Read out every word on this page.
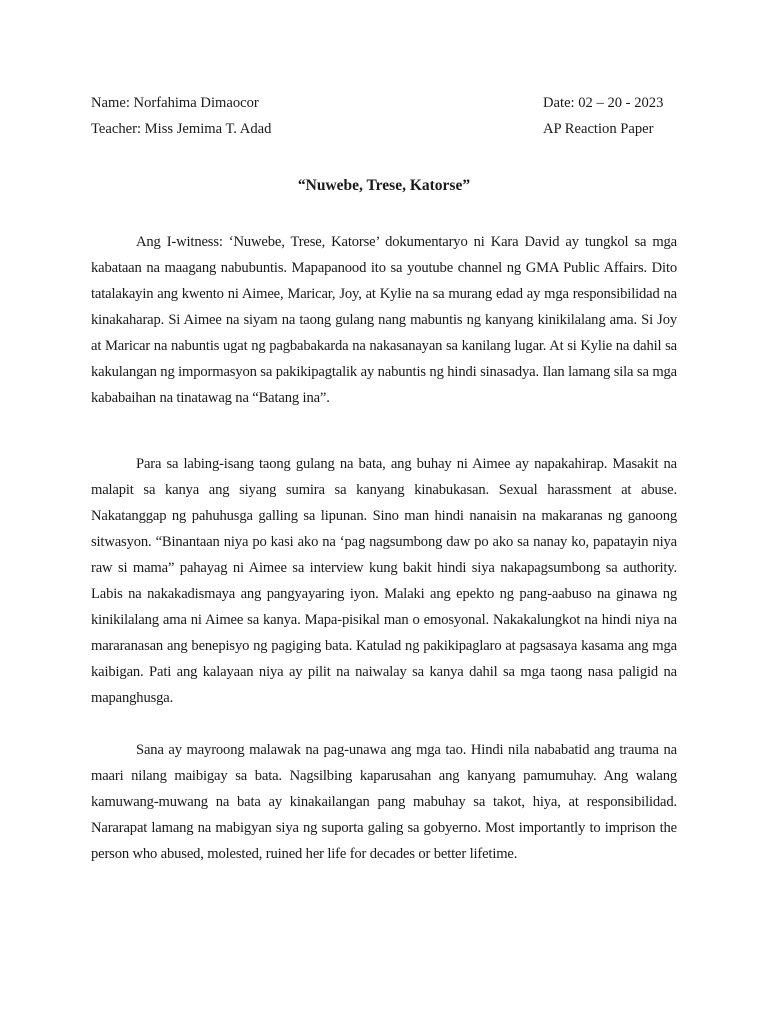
Name: Norfahima Dimaocor	Date: 02 – 20 - 2023
Teacher: Miss Jemima T. Adad	AP Reaction Paper
“Nuwebe, Trese, Katorse”

Ang I-witness: ‘Nuwebe, Trese, Katorse’ dokumentaryo ni Kara David ay tungkol sa mga kabataan na maagang nabubuntis. Mapapanood ito sa youtube channel ng GMA Public Affairs. Dito tatalakayin ang kwento ni Aimee, Maricar, Joy, at Kylie na sa murang edad ay mga responsibilidad na kinakaharap. Si Aimee na siyam na taong gulang nang mabuntis ng kanyang kinikilalang ama. Si Joy at Maricar na nabuntis ugat ng pagbabakarda na nakasanayan sa kanilang lugar. At si Kylie na dahil sa kakulangan ng impormasyon sa pakikipagtalik ay nabuntis ng hindi sinasadya. Ilan lamang sila sa mga kababaihan na tinatawag na “Batang ina”.

Para sa labing-isang taong gulang na bata, ang buhay ni Aimee ay napakahirap. Masakit na malapit sa kanya ang siyang sumira sa kanyang kinabukasan. Sexual harassment at abuse. Nakatanggap ng pahuhusga galling sa lipunan. Sino man hindi nanaisin na makaranas ng ganoong sitwasyon. “Binantaan niya po kasi ako na ‘pag nagsumbong daw po ako sa nanay ko, papatayin niya raw si mama” pahayag ni Aimee sa interview kung bakit hindi siya nakapagsumbong sa authority. Labis na nakakadismaya ang pangyayaring iyon. Malaki ang epekto ng pang-aabuso na ginawa ng kinikilalang ama ni Aimee sa kanya. Mapa-pisikal man o emosyonal. Nakakalungkot na hindi niya na mararanasan ang benepisyo ng pagiging bata. Katulad ng pakikipaglaro at pagsasaya kasama ang mga kaibigan. Pati ang kalayaan niya ay pilit na naiwalay sa kanya dahil sa mga taong nasa paligid na mapanghusga.

Sana ay mayroong malawak na pag-unawa ang mga tao. Hindi nila nababatid ang trauma na maari nilang maibigay sa bata. Nagsilbing kaparusahan ang kanyang pamumuhay. Ang walang kamuwang-muwang na bata ay kinakailangan pang mabuhay sa takot, hiya, at responsibilidad. Nararapat lamang na mabigyan siya ng suporta galing sa gobyerno. Most importantly to imprison the person who abused, molested, ruined her life for decades or better lifetime.
